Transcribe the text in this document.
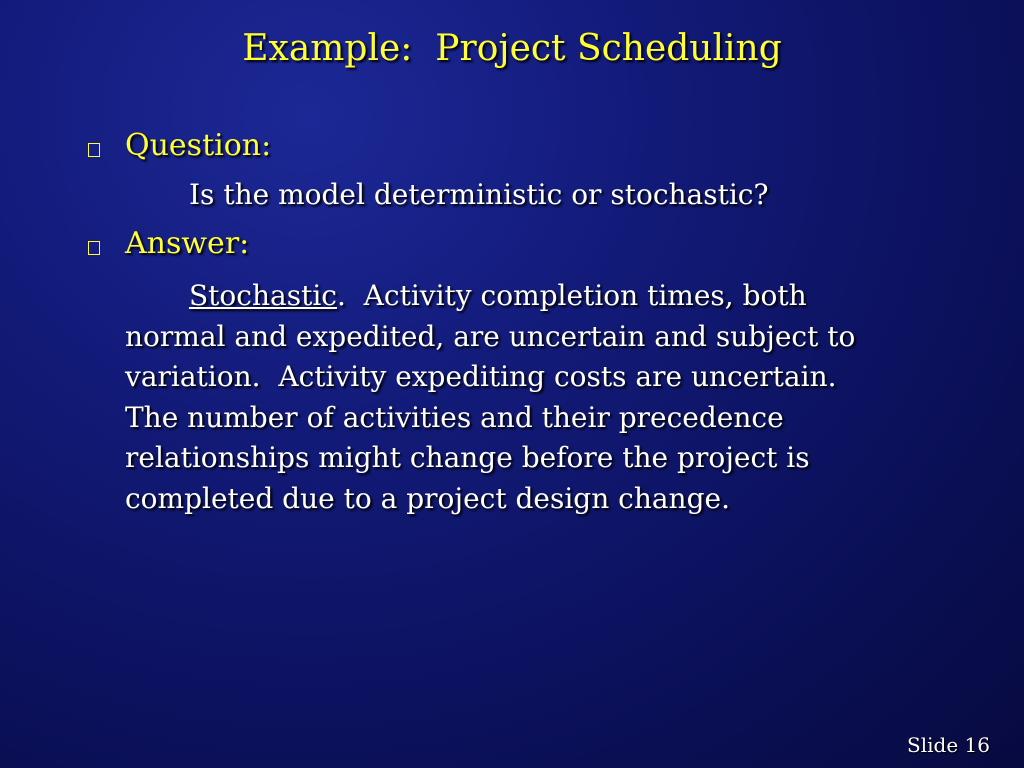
Example:  Project Scheduling
Question:
Is the model deterministic or stochastic?
Answer:
Stochastic.  Activity completion times, both
normal and expedited, are uncertain and subject to
variation.  Activity expediting costs are uncertain.
The number of activities and their precedence
relationships might change before the project is
completed due to a project design change.
Slide 16
